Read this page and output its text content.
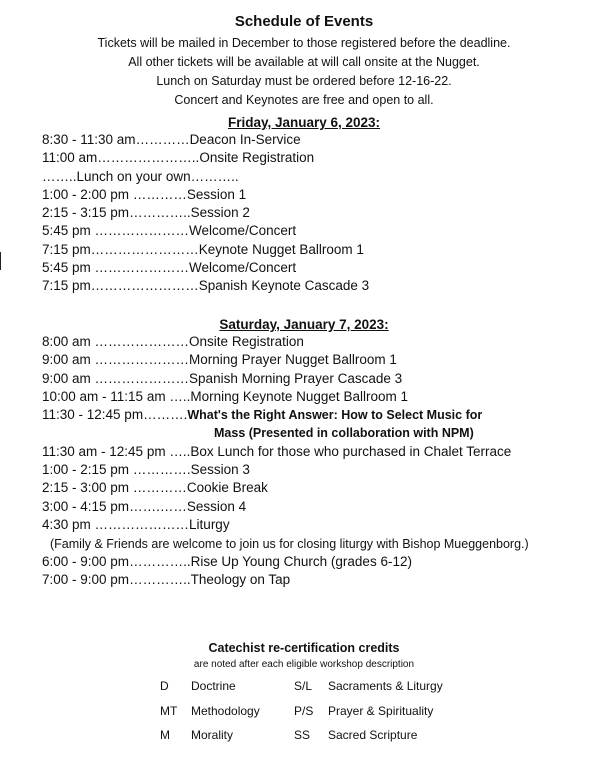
Schedule of Events
Tickets will be mailed in December to those registered before the deadline.
All other tickets will be available at will call onsite at the Nugget.
Lunch on Saturday must be ordered before 12-16-22.
Concert and Keynotes are free and open to all.
Friday, January 6, 2023:
8:30 - 11:30 am…………Deacon In-Service
11:00 am…………………..Onsite Registration
……..Lunch on your own………..
1:00 - 2:00 pm …………Session 1
2:15 - 3:15 pm…………..Session 2
5:45 pm …………………Welcome/Concert
7:15 pm……………………Keynote Nugget Ballroom 1
5:45 pm …………………Welcome/Concert
7:15 pm……………………Spanish Keynote Cascade 3
Saturday, January 7, 2023:
8:00 am …………………Onsite Registration
9:00 am …………………Morning Prayer Nugget Ballroom 1
9:00 am …………………Spanish Morning Prayer Cascade 3
10:00 am - 11:15 am …..Morning Keynote Nugget Ballroom 1
11:30 - 12:45 pm……….What's the Right Answer: How to Select Music for
Mass (Presented in collaboration with NPM)
11:30 am - 12:45 pm …..Box Lunch for those who purchased in Chalet Terrace
1:00 - 2:15 pm ………….Session 3
2:15 - 3:00 pm …………Cookie Break
3:00 - 4:15 pm…….……Session 4
4:30 pm …………………Liturgy
(Family & Friends are welcome to join us for closing liturgy with Bishop Mueggenborg.)
6:00 - 9:00 pm…………..Rise Up Young Church (grades 6-12)
7:00 - 9:00 pm…………..Theology on Tap
Catechist re-certification credits
are noted after each eligible workshop description
D Doctrine	S/L Sacraments & Liturgy
MT Methodology	P/S Prayer & Spirituality
M Morality	SS Sacred Scripture
